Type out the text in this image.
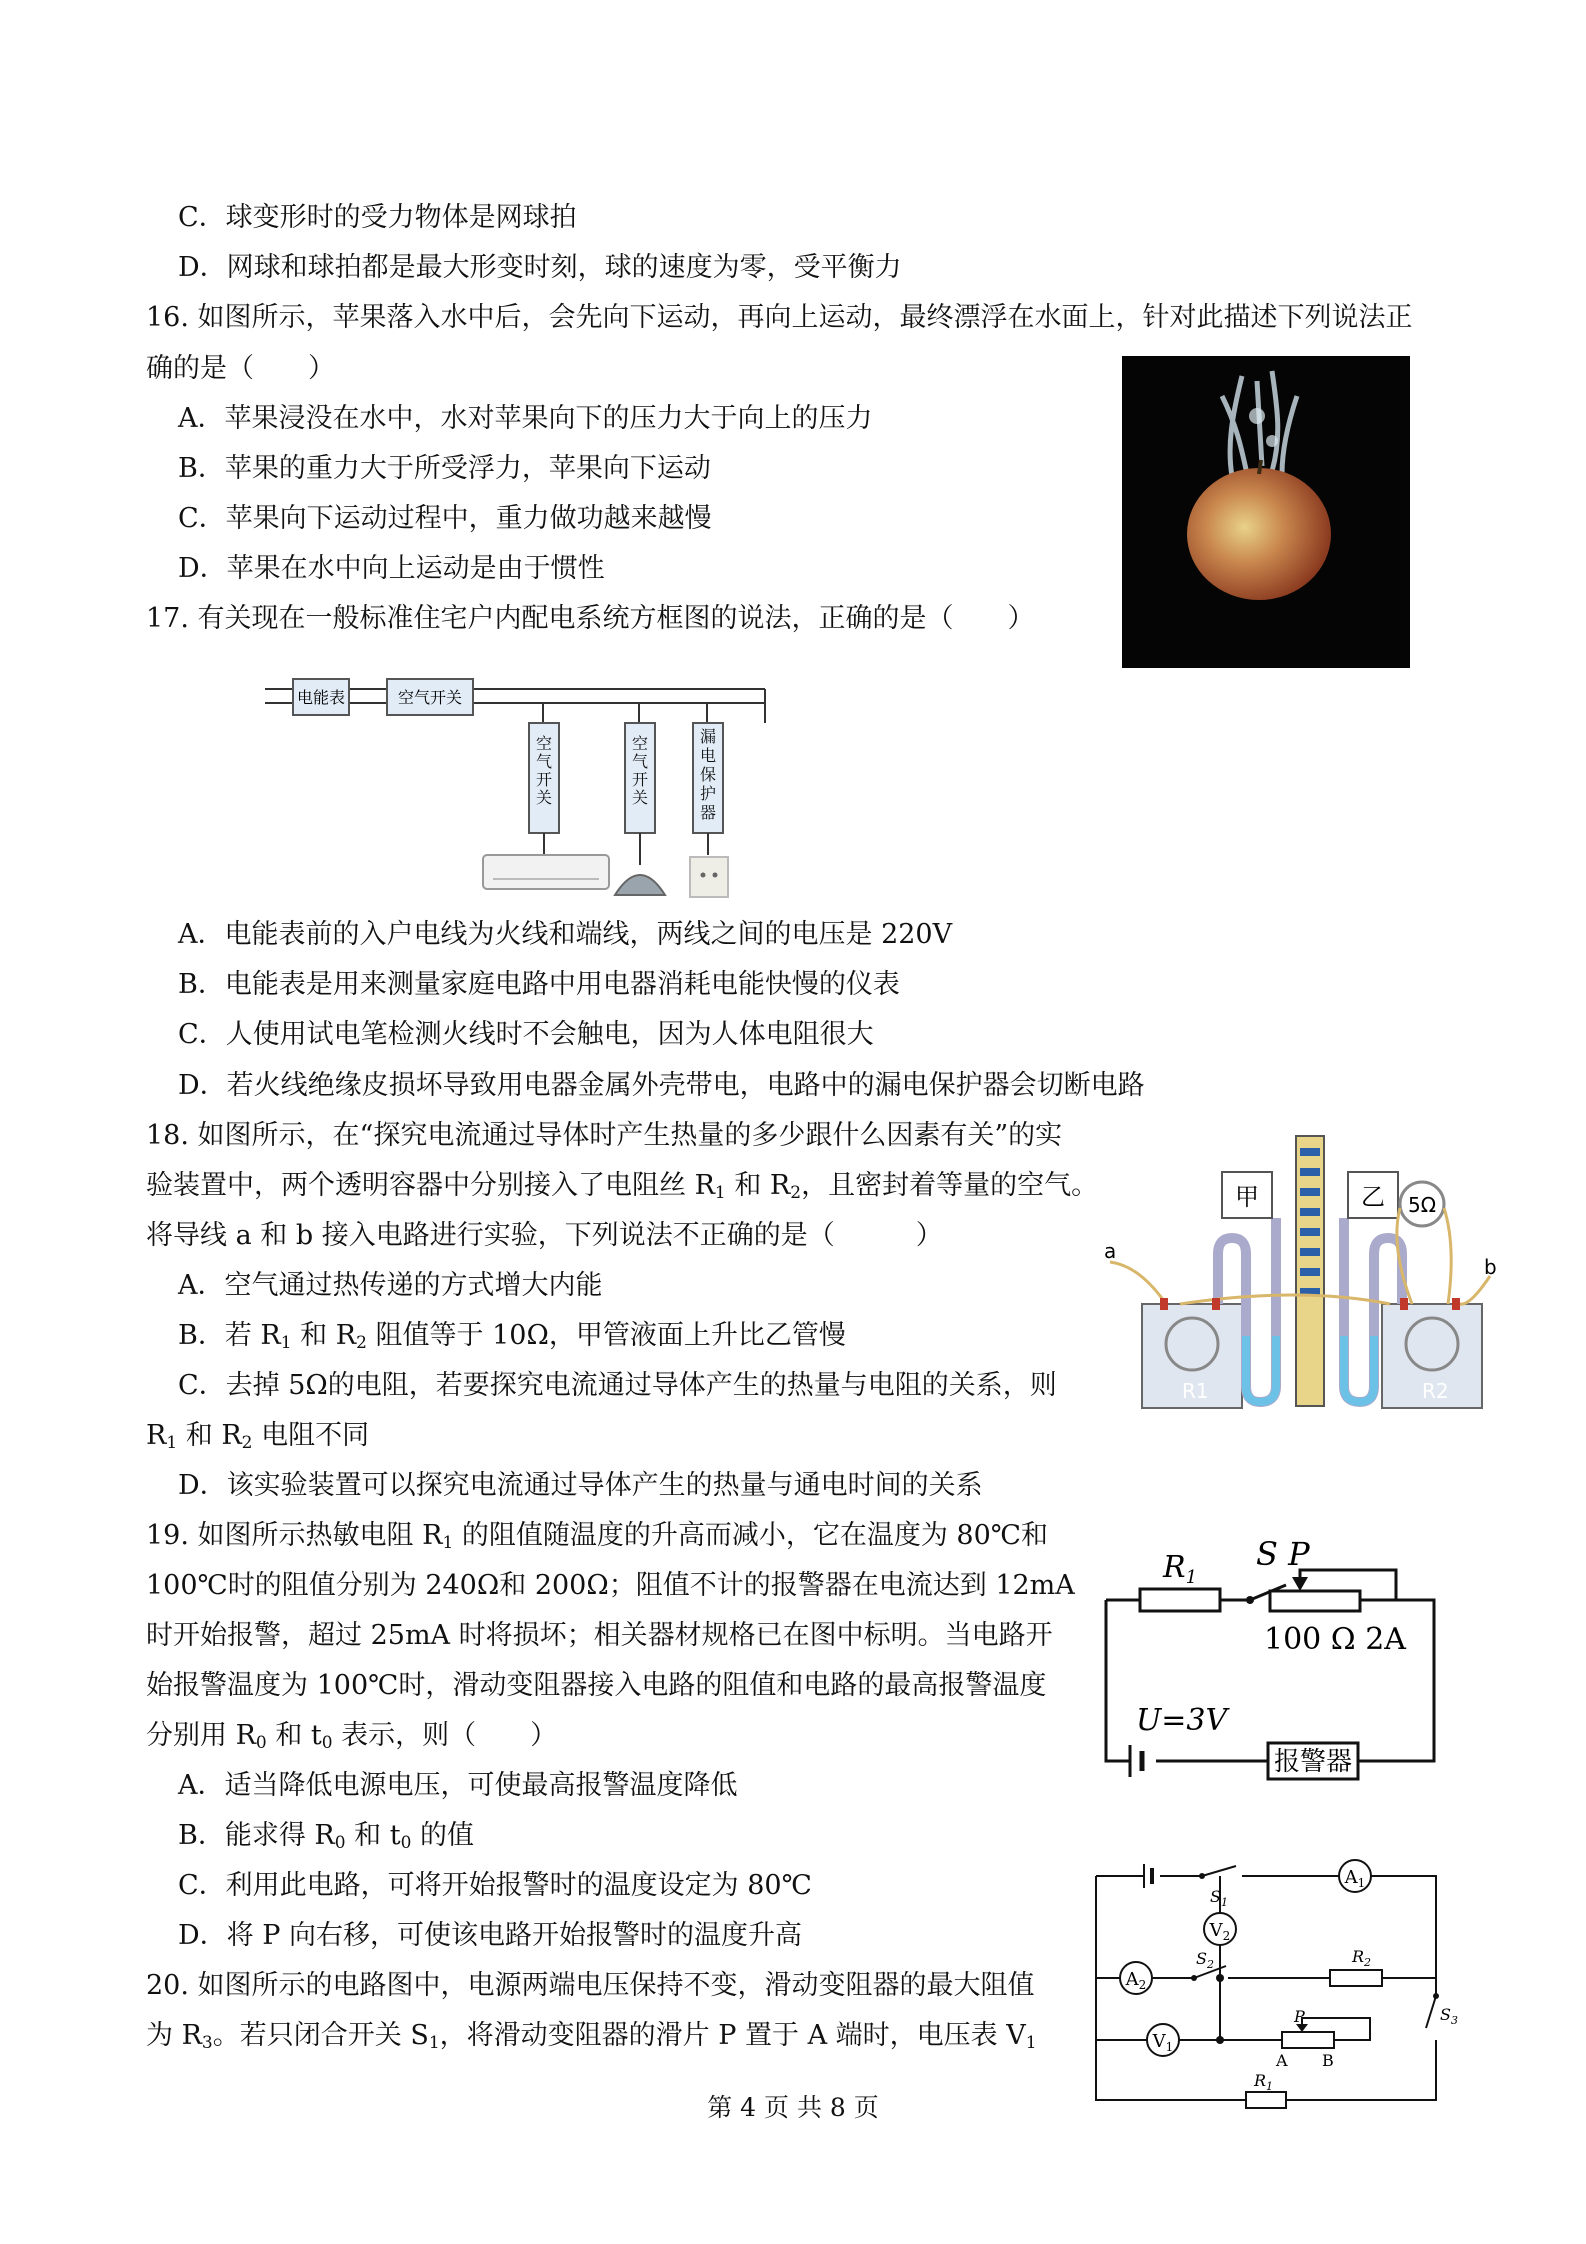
C．球变形时的受力物体是网球拍
D．网球和球拍都是最大形变时刻，球的速度为零，受平衡力
16. 如图所示，苹果落入水中后，会先向下运动，再向上运动，最终漂浮在水面上，针对此描述下列说法正
确的是（　　）
A．苹果浸没在水中，水对苹果向下的压力大于向上的压力
B．苹果的重力大于所受浮力，苹果向下运动
C．苹果向下运动过程中，重力做功越来越慢
D．苹果在水中向上运动是由于惯性
17. 有关现在一般标准住宅户内配电系统方框图的说法，正确的是（　　）
电能表	空气开关
空气开关
空气开关
漏电保护器
A．电能表前的入户电线为火线和端线，两线之间的电压是 220V
B．电能表是用来测量家庭电路中用电器消耗电能快慢的仪表
C．人使用试电笔检测火线时不会触电，因为人体电阻很大
D．若火线绝缘皮损坏导致用电器金属外壳带电，电路中的漏电保护器会切断电路
18. 如图所示，在“探究电流通过导体时产生热量的多少跟什么因素有关”的实
验装置中，两个透明容器中分别接入了电阻丝 $R_1$ 和 $R_2$，且密封着等量的空气。
将导线 a 和 b 接入电路进行实验，下列说法不正确的是（　　　）
A．空气通过热传递的方式增大内能
B．若 $R_1$ 和 $R_2$ 阻值等于 10Ω，甲管液面上升比乙管慢
C．去掉 5Ω的电阻，若要探究电流通过导体产生的热量与电阻的关系，则
$R_1$ 和 $R_2$ 电阻不同
D．该实验装置可以探究电流通过导体产生的热量与通电时间的关系
甲	乙 5Ω
a
b
R1	R2
19. 如图所示热敏电阻 $R_1$ 的阻值随温度的升高而减小，它在温度为 80℃和
100℃时的阻值分别为 240Ω和 200Ω；阻值不计的报警器在电流达到 12mA
时开始报警，超过 25mA 时将损坏；相关器材规格已在图中标明。当电路开
始报警温度为 100℃时，滑动变阻器接入电路的阻值和电路的最高报警温度
分别用 $R_0$ 和 $t_0$ 表示，则（　　）
A．适当降低电源电压，可使最高报警温度降低
B．能求得 $R_0$ 和 $t_0$ 的值
C．利用此电路，可将开始报警时的温度设定为 80℃
D．将 P 向右移，可使该电路开始报警时的温度升高
$R_1$
S P
100 Ω 2A
U=3V
报警器
20. 如图所示的电路图中，电源两端电压保持不变，滑动变阻器的最大阻值
为 $R_3$。若只闭合开关 $S_1$，将滑动变阻器的滑片 P 置于 A 端时，电压表 $V_1$
$A_1$
$A_2$
$V_2$
$V_1$
$R_2$
P
A B
$R_1$
$S_1$
$S_2$
$S_3$
第 4 页 共 8 页
